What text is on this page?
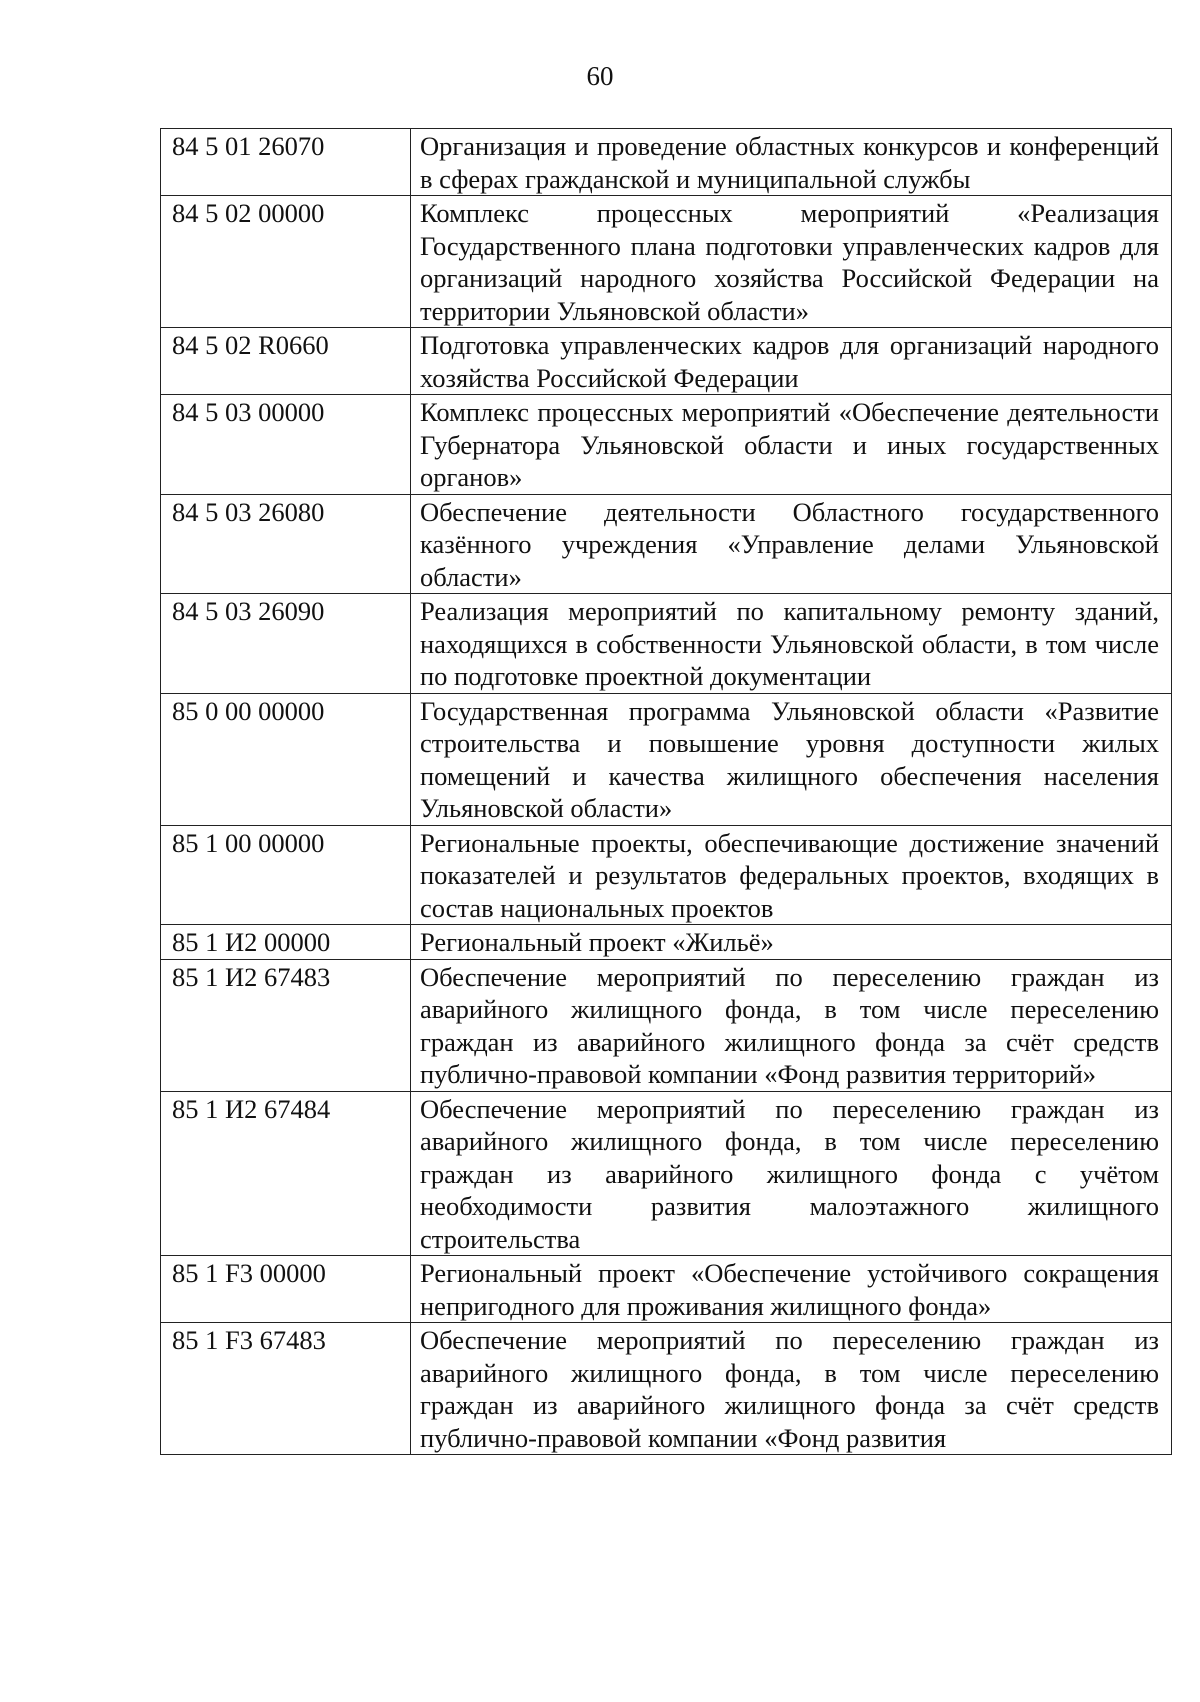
60
84 5 01 26070	Организация и проведение областных конкурсов и конференций в сферах гражданской и муниципальной службы
84 5 02 00000	Комплекс процессных мероприятий «Реализация Государственного плана подготовки управленческих кадров для организаций народного хозяйства Российской Федерации на территории Ульяновской области»
84 5 02 R0660	Подготовка управленческих кадров для организаций народного хозяйства Российской Федерации
84 5 03 00000	Комплекс процессных мероприятий «Обеспечение деятельности Губернатора Ульяновской области и иных государственных органов»
84 5 03 26080	Обеспечение деятельности Областного государственного казённого учреждения «Управление делами Ульяновской области»
84 5 03 26090	Реализация мероприятий по капитальному ремонту зданий, находящихся в собственности Ульяновской области, в том числе по подготовке проектной документации
85 0 00 00000	Государственная программа Ульяновской области «Развитие строительства и повышение уровня доступности жилых помещений и качества жилищного обеспечения населения Ульяновской области»
85 1 00 00000	Региональные проекты, обеспечивающие достижение значений показателей и результатов федеральных проектов, входящих в состав национальных проектов
85 1 И2 00000	Региональный проект «Жильё»
85 1 И2 67483	Обеспечение мероприятий по переселению граждан из аварийного жилищного фонда, в том числе переселению граждан из аварийного жилищного фонда за счёт средств публично-правовой компании «Фонд развития территорий»
85 1 И2 67484	Обеспечение мероприятий по переселению граждан из аварийного жилищного фонда, в том числе переселению граждан из аварийного жилищного фонда с учётом необходимости развития малоэтажного жилищного строительства
85 1 F3 00000	Региональный проект «Обеспечение устойчивого сокращения непригодного для проживания жилищного фонда»
85 1 F3 67483	Обеспечение мероприятий по переселению граждан из аварийного жилищного фонда, в том числе переселению граждан из аварийного жилищного фонда за счёт средств публично-правовой компании «Фонд развития
